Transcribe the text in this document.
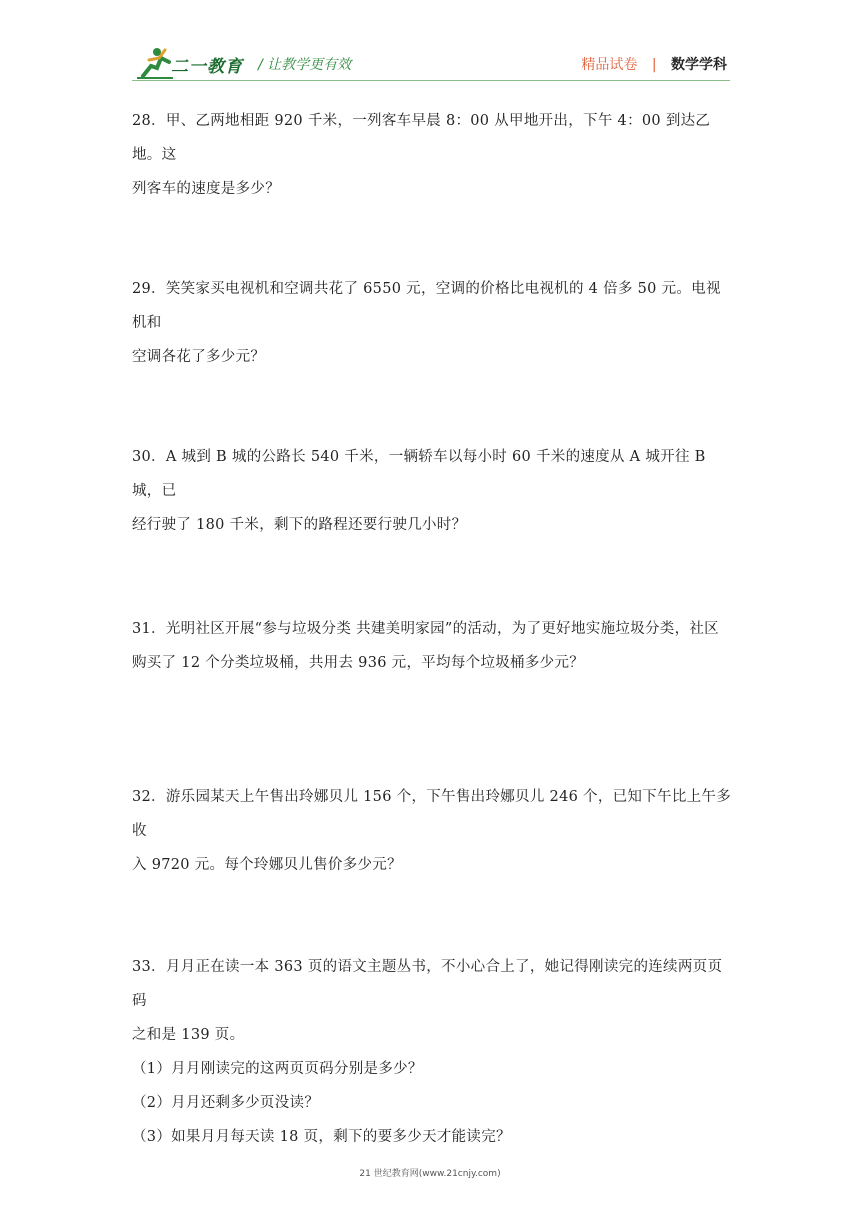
二一教育 / 让教学更有效	精品试卷 | 数学学科

28．甲、乙两地相距 920 千米，一列客车早晨 8：00 从甲地开出，下午 4：00 到达乙地。这

列客车的速度是多少？

29．笑笑家买电视机和空调共花了 6550 元，空调的价格比电视机的 4 倍多 50 元。电视机和

空调各花了多少元？

30．A 城到 B 城的公路长 540 千米，一辆轿车以每小时 60 千米的速度从 A 城开往 B 城，已

经行驶了 180 千米，剩下的路程还要行驶几小时？

31．光明社区开展“参与垃圾分类 共建美明家园”的活动，为了更好地实施垃圾分类，社区

购买了 12 个分类垃圾桶，共用去 936 元，平均每个垃圾桶多少元？

32．游乐园某天上午售出玲娜贝儿 156 个，下午售出玲娜贝儿 246 个，已知下午比上午多收

入 9720 元。每个玲娜贝儿售价多少元？

33．月月正在读一本 363 页的语文主题丛书，不小心合上了，她记得刚读完的连续两页页码

之和是 139 页。

（1）月月刚读完的这两页页码分别是多少？

（2）月月还剩多少页没读？

（3）如果月月每天读 18 页，剩下的要多少天才能读完？

21 世纪教育网(www.21cnjy.com)
